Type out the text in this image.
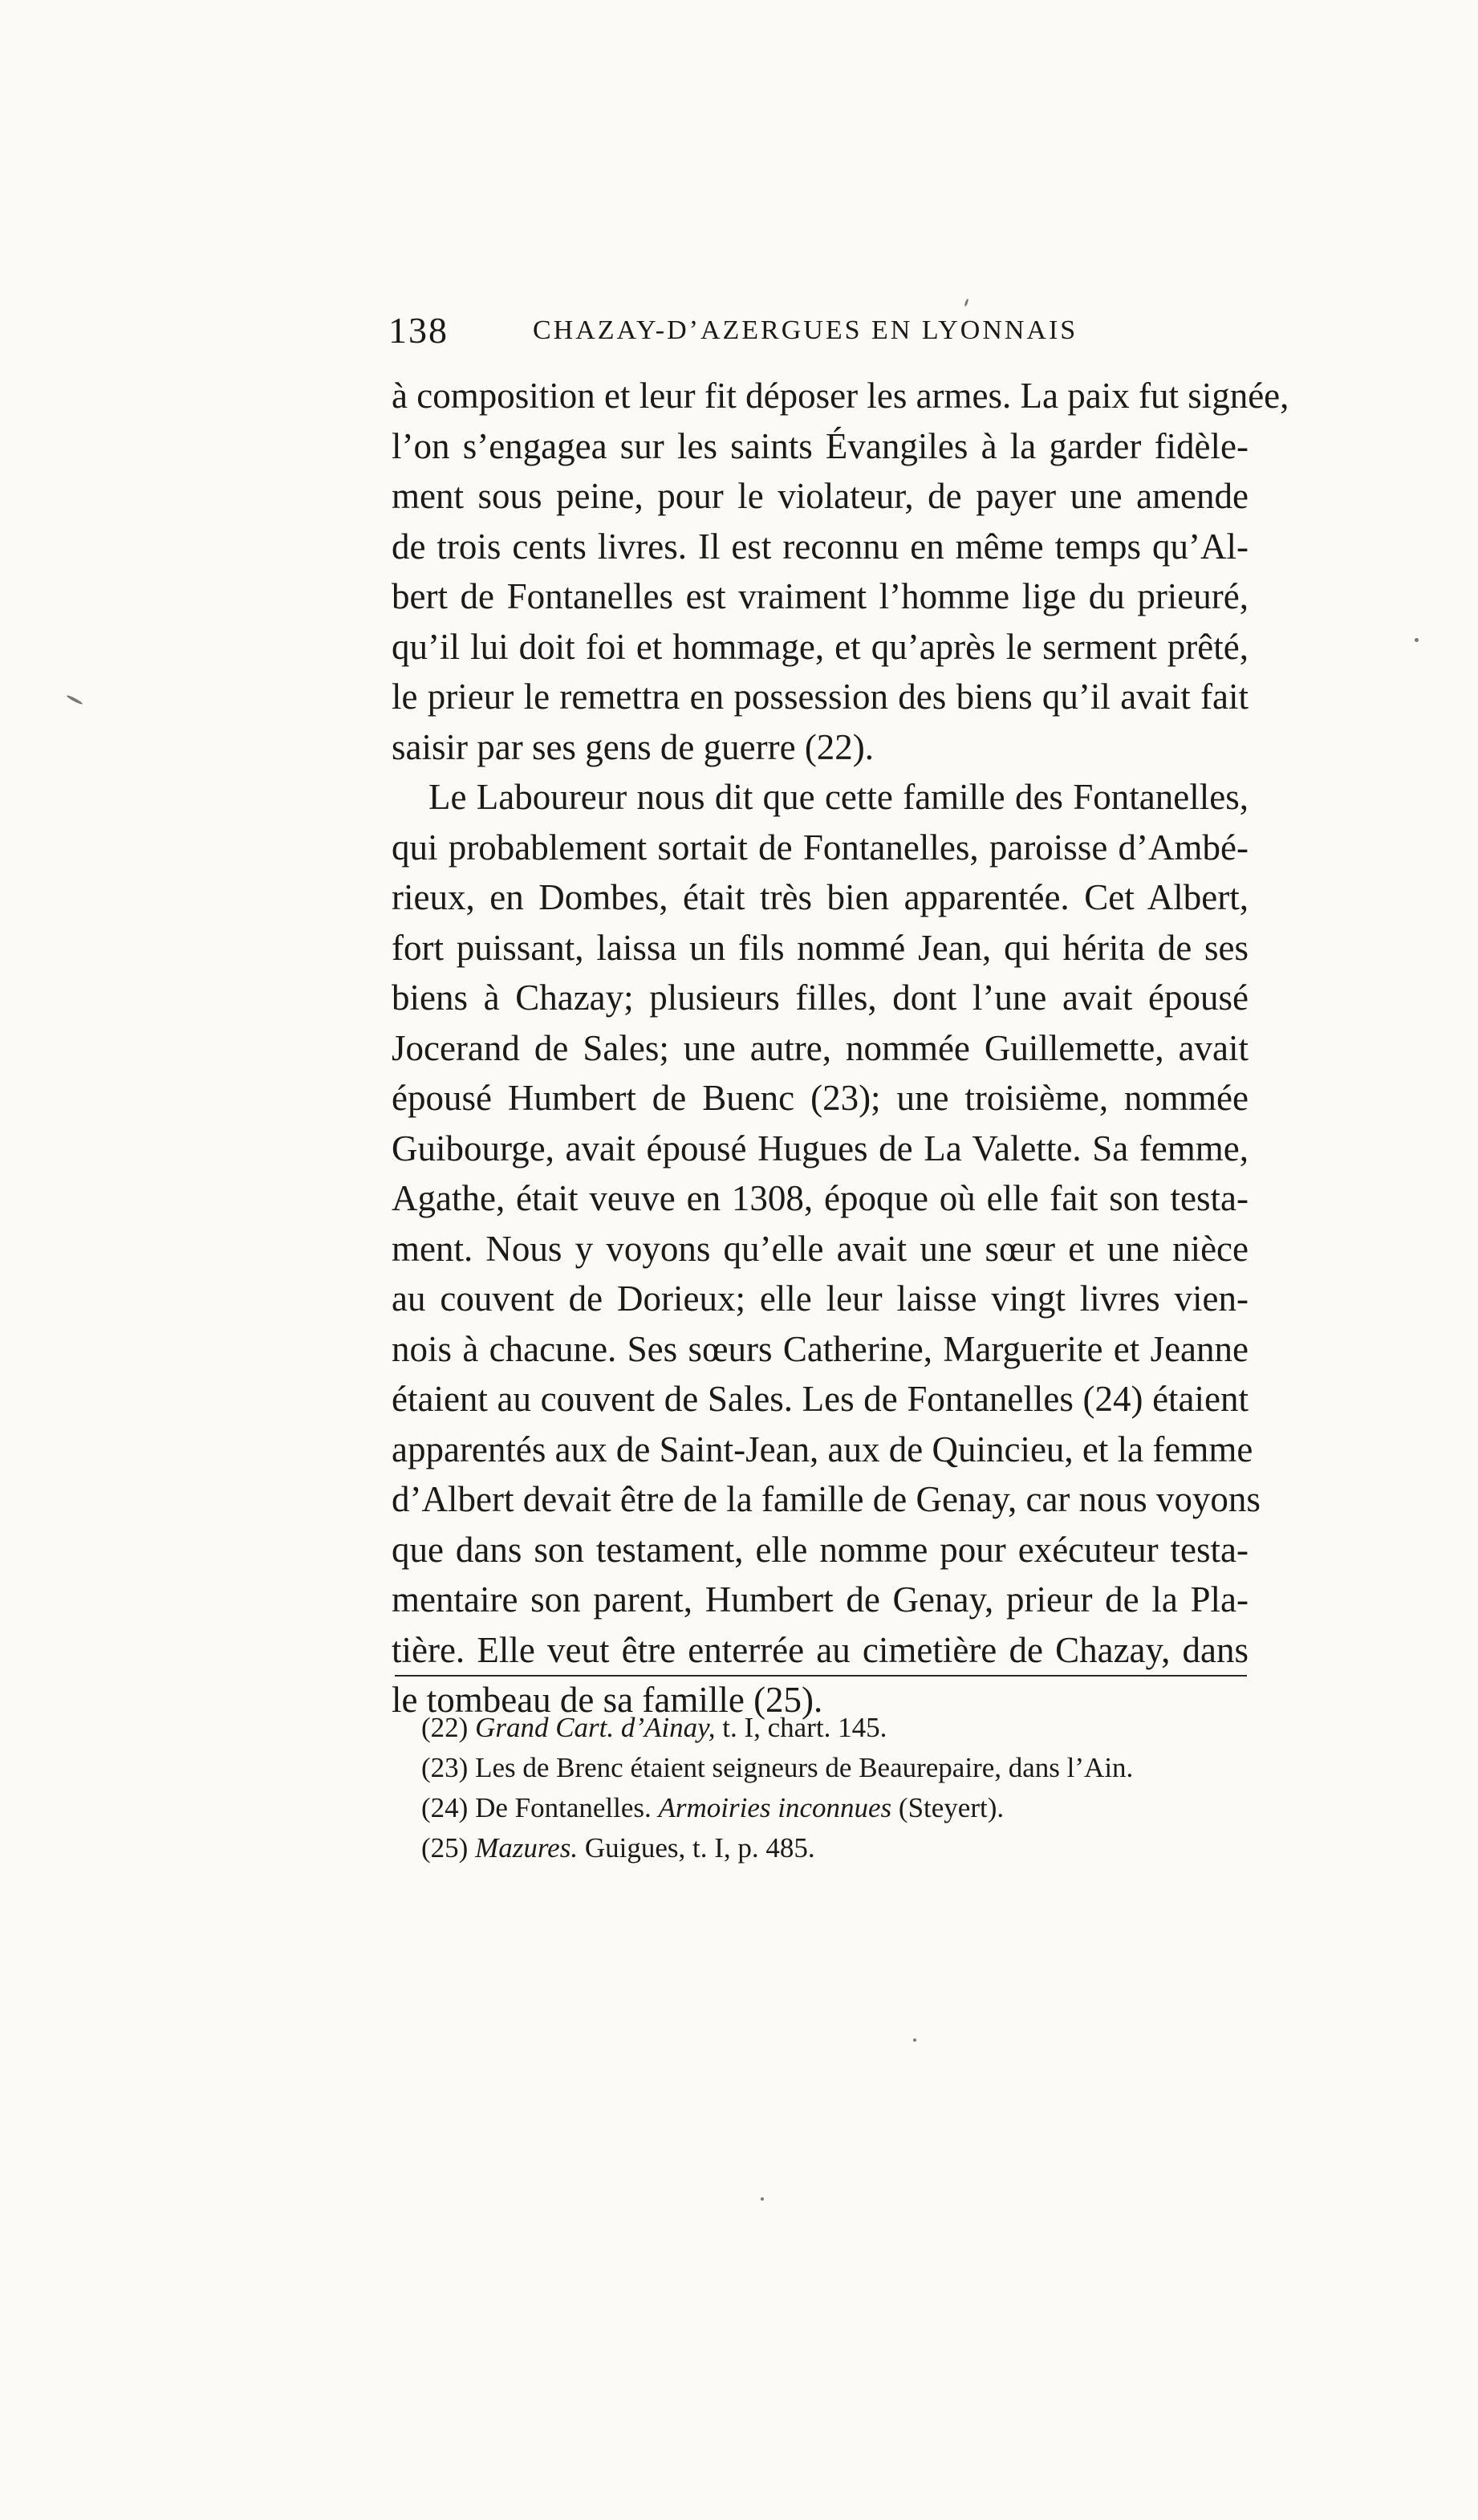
138	CHAZAY-D’AZERGUES EN LYONNAIS
à composition et leur fit déposer les armes. La paix fut signée,
l’on s’engagea sur les saints Évangiles à la garder fidèle-
ment sous peine, pour le violateur, de payer une amende
de trois cents livres. Il est reconnu en même temps qu’Al-
bert de Fontanelles est vraiment l’homme lige du prieuré,
qu’il lui doit foi et hommage, et qu’après le serment prêté,
le prieur le remettra en possession des biens qu’il avait fait
saisir par ses gens de guerre (22).
Le Laboureur nous dit que cette famille des Fontanelles,
qui probablement sortait de Fontanelles, paroisse d’Ambé-
rieux, en Dombes, était très bien apparentée. Cet Albert,
fort puissant, laissa un fils nommé Jean, qui hérita de ses
biens à Chazay; plusieurs filles, dont l’une avait épousé
Jocerand de Sales; une autre, nommée Guillemette, avait
épousé Humbert de Buenc (23); une troisième, nommée
Guibourge, avait épousé Hugues de La Valette. Sa femme,
Agathe, était veuve en 1308, époque où elle fait son testa-
ment. Nous y voyons qu’elle avait une sœur et une nièce
au couvent de Dorieux; elle leur laisse vingt livres vien-
nois à chacune. Ses sœurs Catherine, Marguerite et Jeanne
étaient au couvent de Sales. Les de Fontanelles (24) étaient
apparentés aux de Saint-Jean, aux de Quincieu, et la femme
d’Albert devait être de la famille de Genay, car nous voyons
que dans son testament, elle nomme pour exécuteur testa-
mentaire son parent, Humbert de Genay, prieur de la Pla-
tière. Elle veut être enterrée au cimetière de Chazay, dans
le tombeau de sa famille (25).
(22) Grand Cart. d’Ainay, t. I, chart. 145.
(23) Les de Brenc étaient seigneurs de Beaurepaire, dans l’Ain.
(24) De Fontanelles. Armoiries inconnues (Steyert).
(25) Mazures. Guigues, t. I, p. 485.
